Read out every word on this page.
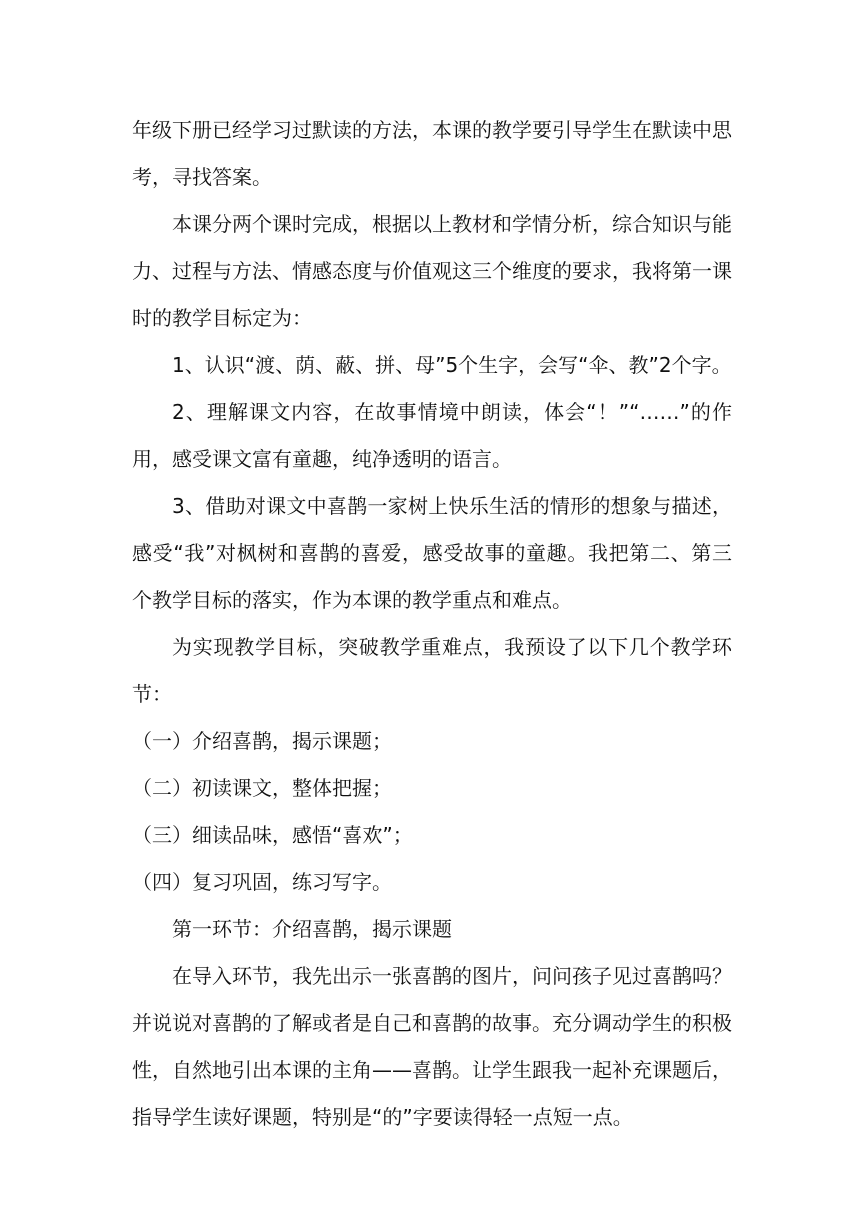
年级下册已经学习过默读的方法，本课的教学要引导学生在默读中思考，寻找答案。

本课分两个课时完成，根据以上教材和学情分析，综合知识与能力、过程与方法、情感态度与价值观这三个维度的要求，我将第一课时的教学目标定为：

1、认识“渡、荫、蔽、拼、母”5个生字，会写“伞、教”2个字。

2、理解课文内容，在故事情境中朗读，体会“！”“……”的作用，感受课文富有童趣，纯净透明的语言。

3、借助对课文中喜鹊一家树上快乐生活的情形的想象与描述，感受“我”对枫树和喜鹊的喜爱，感受故事的童趣。我把第二、第三个教学目标的落实，作为本课的教学重点和难点。

为实现教学目标，突破教学重难点，我预设了以下几个教学环节：

（一）介绍喜鹊，揭示课题；

（二）初读课文，整体把握；

（三）细读品味，感悟“喜欢”；

（四）复习巩固，练习写字。

第一环节：介绍喜鹊，揭示课题

在导入环节，我先出示一张喜鹊的图片，问问孩子见过喜鹊吗？并说说对喜鹊的了解或者是自己和喜鹊的故事。充分调动学生的积极性，自然地引出本课的主角——喜鹊。让学生跟我一起补充课题后，指导学生读好课题，特别是“的”字要读得轻一点短一点。
